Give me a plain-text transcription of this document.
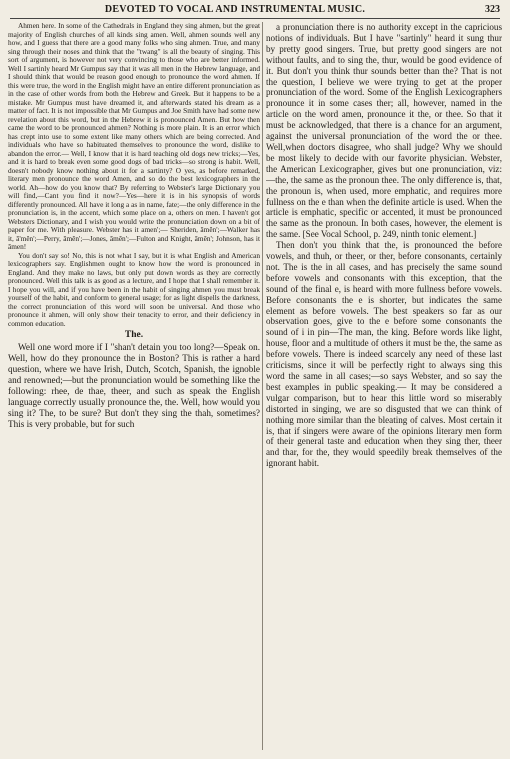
DEVOTED TO VOCAL AND INSTRUMENTAL MUSIC.	323

Ahmen here. In some of the Cathedrals in England they sing ahmen, but the great majority of English churches of all kinds sing amen. Well, ahmen sounds well any how, and I guess that there are a good many folks who sing ahmen. True, and many sing through their noses and think that the "twang" is all the beauty of singing. This sort of argument, is however not very convincing to those who are better informed. Well I sartinly heard Mr Gumpus say that it was all men in the Hebrew language, and I should think that would be reason good enough to pronounce the word ahmen. If this were true, the word in the English might have an entire different pronunciation as in the case of other words from both the Hebrew and Greek. But it happens to be a mistake. Mr Gumpus must have dreamed it, and afterwards stated his dream as a matter of fact. It is not impossible that Mr Gumpus and Joe Smith have had some new revelation about this word, but in the Hebrew it is pronounced Amen. But how then came the word to be pronounced ahmen? Nothing is more plain. It is an error which has crept into use to some extent like many others which are being corrected. And individuals who have so habituated themselves to pronounce the word, dislike to abandon the error.— Well, I know that it is hard teaching old dogs new tricks;—Yes, and it is hard to break even some good dogs of bad tricks—so strong is habit. Well, doesn't nobody know nothing about it for a sartinty? O yes, as before remarked, literary men pronounce the word Amen, and so do the best lexicographers in the world. Ah—how do you know that? By referring to Webster's large Dictionary you will find,—Cant you find it now?—Yes—here it is in his synopsis of words differently pronounced. All have it long a as in name, fate;—the only difference in the pronunciation is, in the accent, which some place on a, others on men. I haven't got Websters Dictionary, and I wish you would write the pronunciation down on a bit of paper for me. With pleasure. Webster has it amen';— Sheriden, āmĕn';—Walker has it, ā'mĕn';—Perry, āmĕn';—Jones, āmĕn';—Fulton and Knight, āmĕn'; Johnson, has it āmen!

You don't say so! No, this is not what I say, but it is what English and American lexicographers say. Englishmen ought to know how the word is pronounced in England. And they make no laws, but only put down words as they are correctly pronounced. Well this talk is as good as a lecture, and I hope that I shall remember it. I hope you will, and if you have been in the habit of singing ahmen you must break yourself of the habit, and conform to general usage; for as light dispells the darkness, the correct pronunciation of this word will soon be universal. And those who pronounce it ahmen, will only show their tenacity to error, and their deficiency in common education.

The.

Well one word more if I "shan't detain you too long?—Speak on. Well, how do they pronounce the in Boston? This is rather a hard question, where we have Irish, Dutch, Scotch, Spanish, the ignoble and renowned;—but the pronunciation would be something like the following: rhee, de thae, theer, and such as speak the English language correctly usually pronounce the, the. Well, how would you sing it? The, to be sure? But don't they sing the thah, sometimes? This is very probable, but for such

a pronunciation there is no authority except in the capricious notions of individuals. But I have "sartinly" heard it sung thur by pretty good singers. True, but pretty good singers are not without faults, and to sing the, thur, would be good evidence of it. But don't you think thur sounds better than the? That is not the question, I believe we were trying to get at the proper pronunciation of the word. Some of the English Lexicographers pronounce it in some cases ther; all, however, named in the article on the word amen, pronounce it the, or thee. So that it must be acknowledged, that there is a chance for an argument, against the universal pronunciation of the word the or thee. Well,when doctors disagree, who shall judge? Why we should be most likely to decide with our favorite physician. Webster, the American Lexicographer, gives but one pronunciation, viz:—the, the same as the pronoun thee. The only difference is, that, the pronoun is, when used, more emphatic, and requires more fullness on the e than when the definite article is used. When the article is emphatic, specific or accented, it must be pronounced the same as the pronoun. In both cases, however, the element is the same. [See Vocal School, p. 249, ninth tonic element.]

Then don't you think that the, is pronounced the before vowels, and thuh, or theer, or ther, before consonants, certainly not. The is the in all cases, and has precisely the same sound before vowels and consonants with this exception, that the sound of the final e, is heard with more fullness before vowels. Before consonants the e is shorter, but indicates the same element as before vowels. The best speakers so far as our observation goes, give to the e before some consonants the sound of i in pin—The man, the king. Before words like light, house, floor and a multitude of others it must be the, the same as before vowels. There is indeed scarcely any need of these last criticisms, since it will be perfectly right to always sing this word the same in all cases;—so says Webster, and so say the best examples in public speaking.— It may be considered a vulgar comparison, but to hear this little word so miserably distorted in singing, we are so disgusted that we can think of nothing more similar than the bleating of calves. Most certain it is, that if singers were aware of the opinions literary men form of their general taste and education when they sing ther, theer and thar, for the, they would speedily break themselves of the ignorant habit.
